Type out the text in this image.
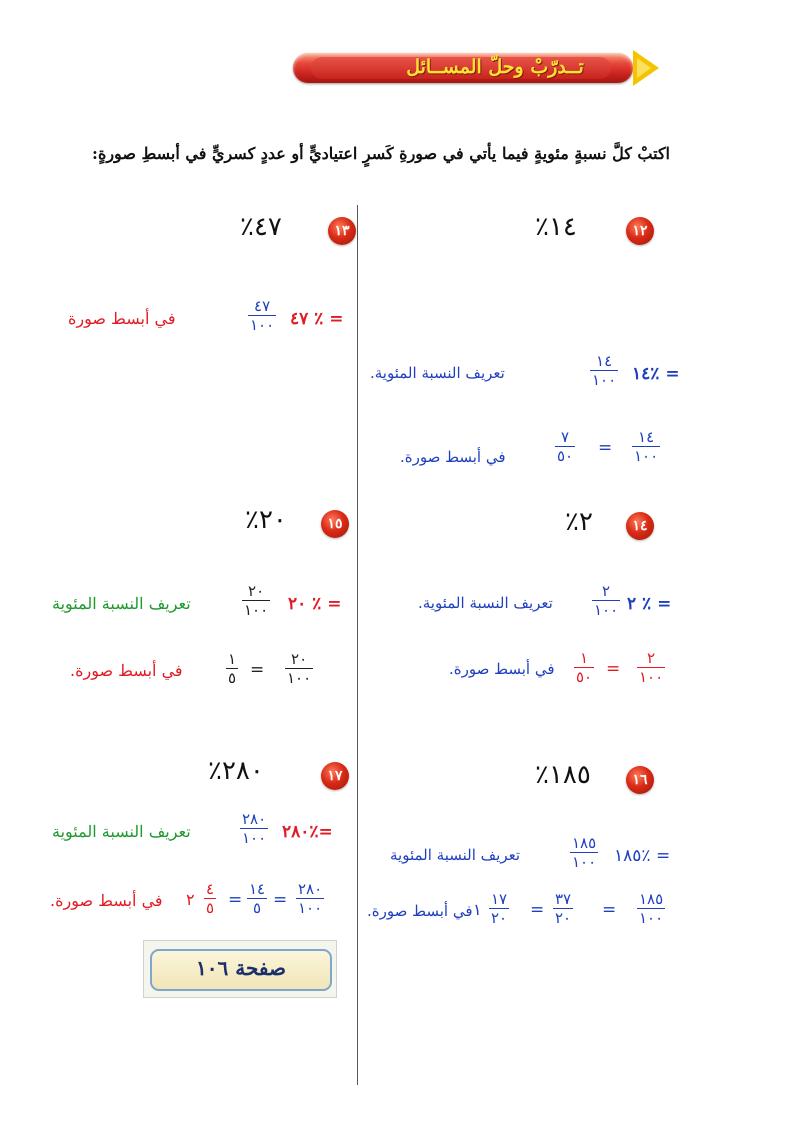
تــدرّبْ وحلّ المســائل
اكتبْ كلَّ نسبةٍ مئويةٍ فيما يأتي في صورةِ كَسرٍ اعتياديٍّ أو عددٍ كسريٍّ في أبسطِ صورةٍ:
١٢
٪١٤
١٤٪ =
١٤
١٠٠
تعريف النسبة المئوية.
١٤
١٠٠
=
٧
٥٠
في أبسط صورة.
١٣
٪٤٧
٤٧ ٪ =
٤٧
١٠٠
في أبسط صورة
١٤
٪٢
٢ ٪ =
٢
١٠٠
تعريف النسبة المئوية.
٢
١٠٠
=
١
٥٠
في أبسط صورة.
١٥
٪٢٠
٢٠ ٪ =
٢٠
١٠٠
تعريف النسبة المئوية
٢٠
١٠٠
=
١
٥
في أبسط صورة.
١٦
٪١٨٥
١٨٥٪ =
١٨٥
١٠٠
تعريف النسبة المئوية
١٨٥
١٠٠
=
٣٧
٢٠
=
١٧
٢٠
١
في أبسط صورة.
١٧
٪٢٨٠
٢٨٠٪=
٢٨٠
١٠٠
تعريف النسبة المئوية
٢٨٠
١٠٠
=
١٤
٥
=
٤
٥
٢
في أبسط صورة.
صفحة ١٠٦
